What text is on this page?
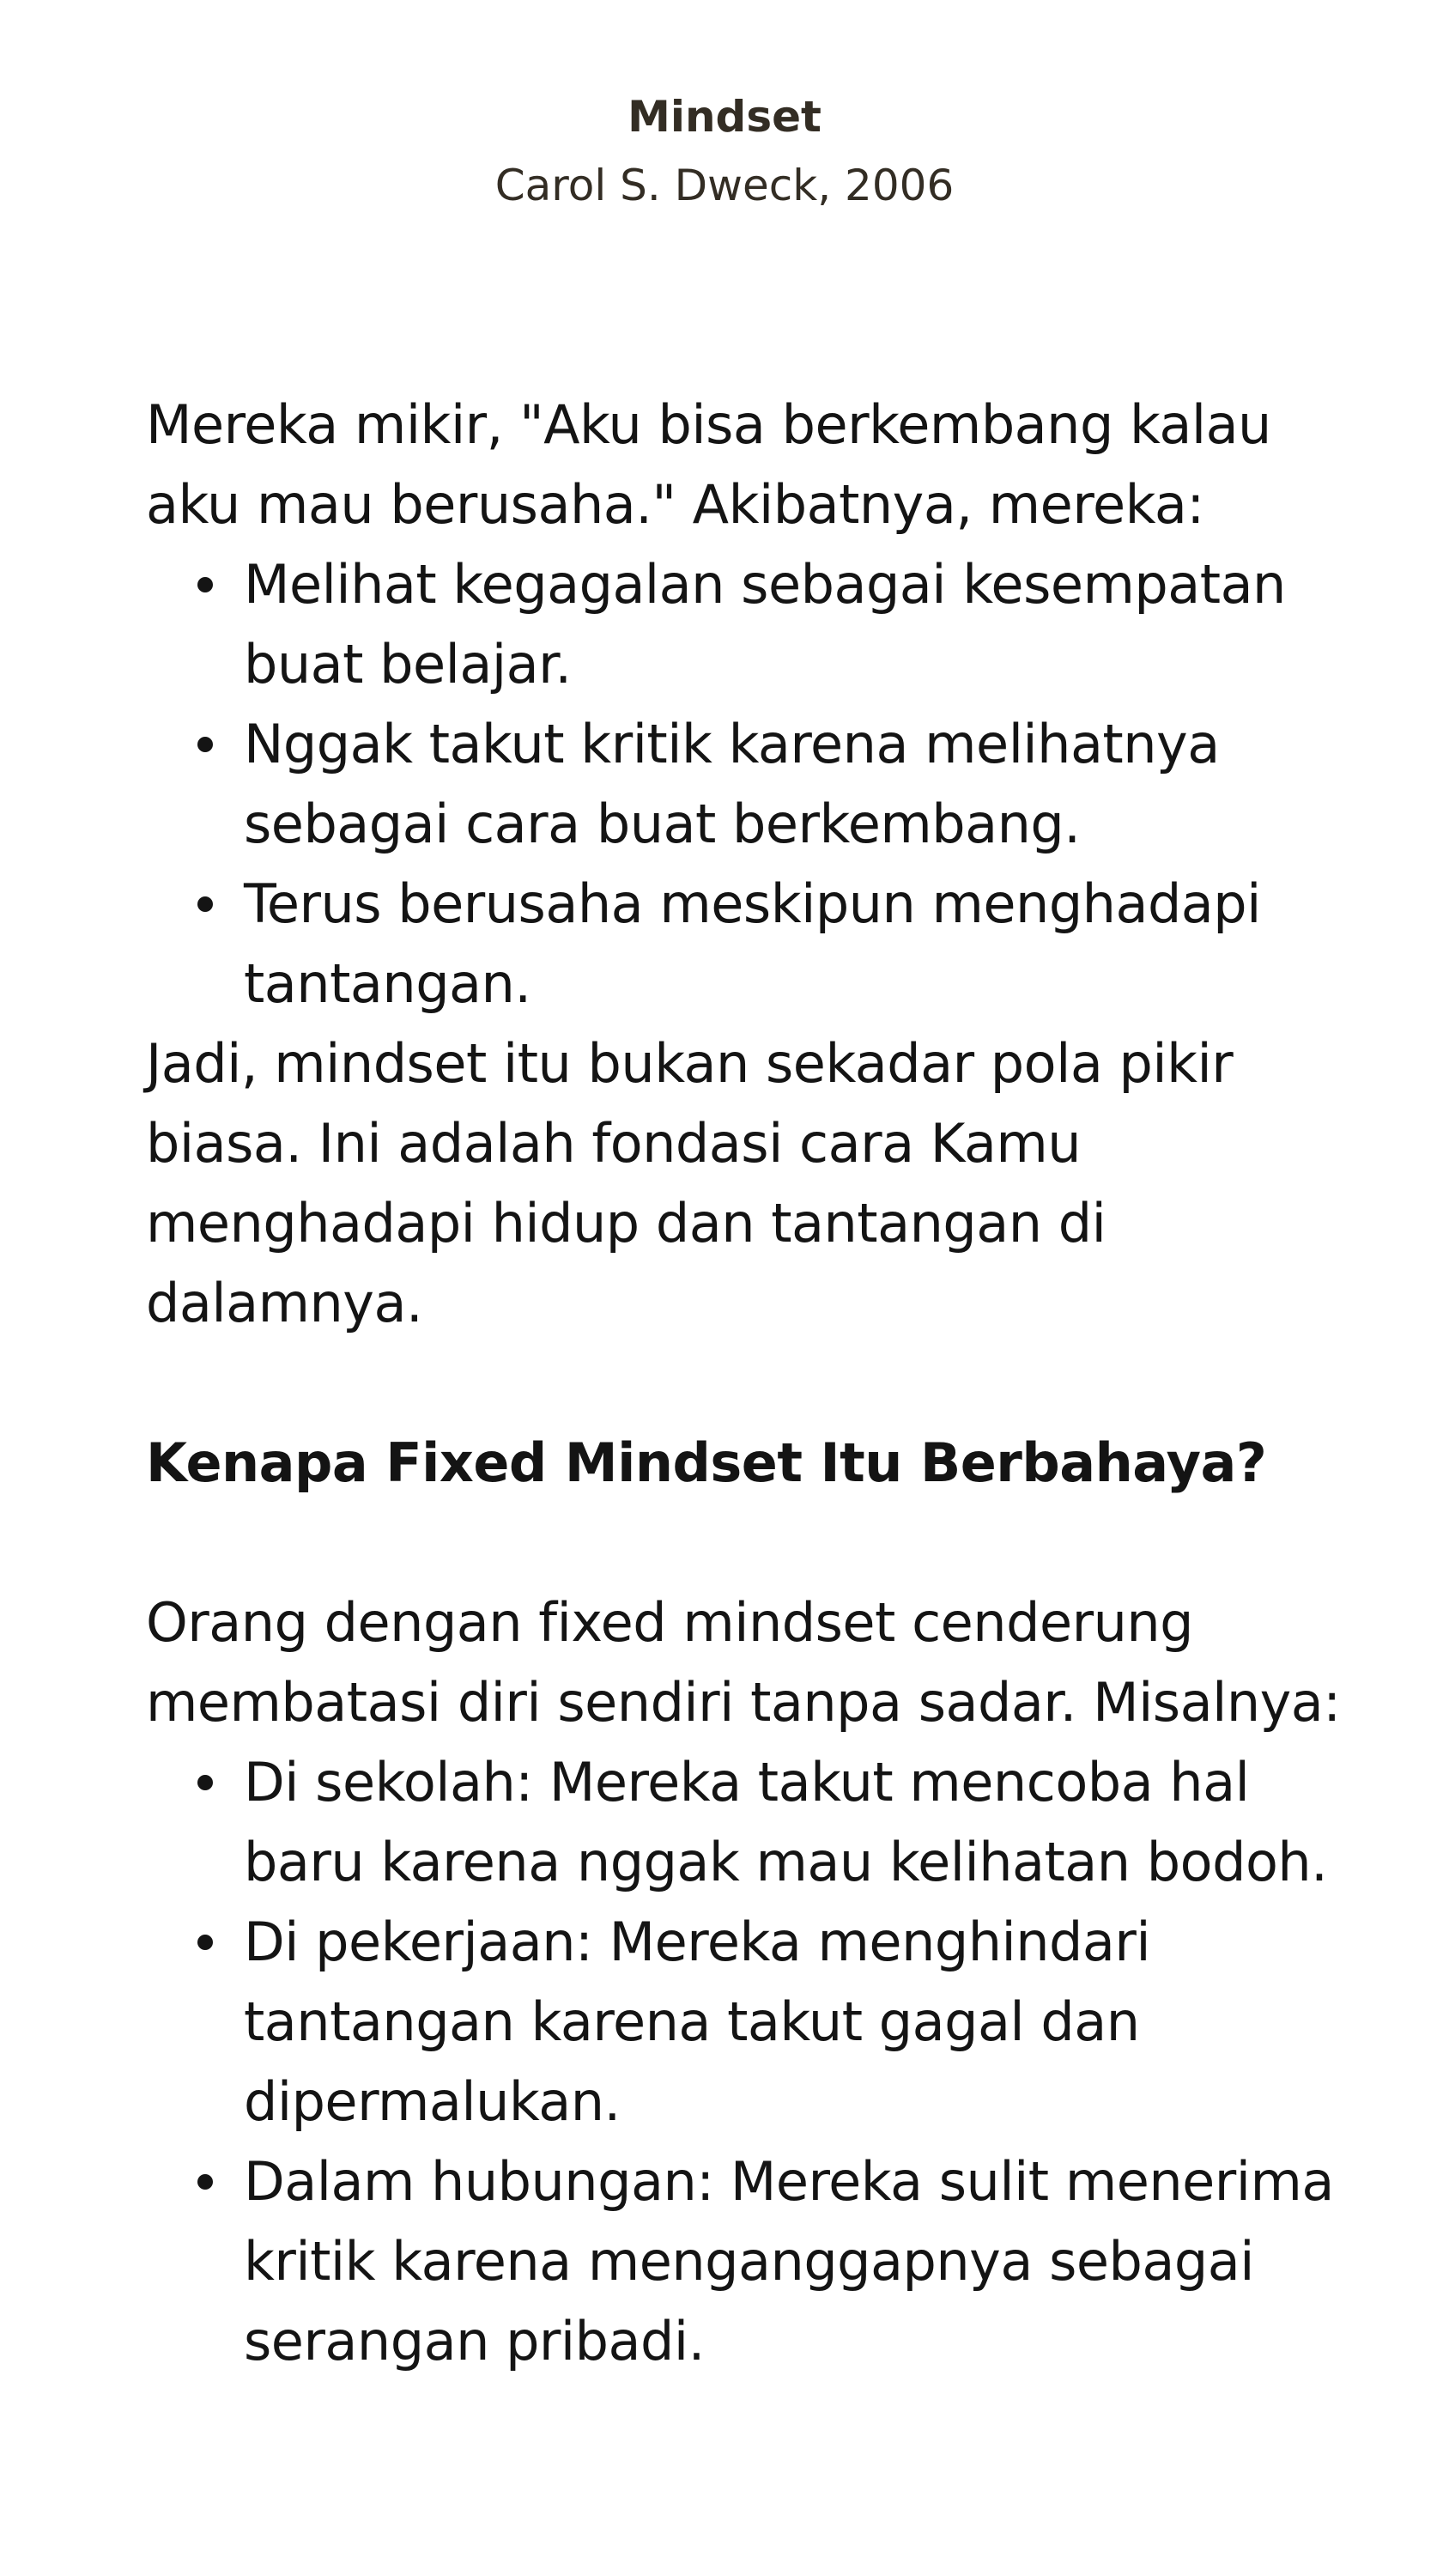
Mindset
Carol S. Dweck, 2006

Mereka mikir, "Aku bisa berkembang kalau aku mau berusaha." Akibatnya, mereka:

Melihat kegagalan sebagai kesempatan buat belajar.
Nggak takut kritik karena melihatnya sebagai cara buat berkembang.
Terus berusaha meskipun menghadapi tantangan.

Jadi, mindset itu bukan sekadar pola pikir biasa. Ini adalah fondasi cara Kamu menghadapi hidup dan tantangan di dalamnya.

Kenapa Fixed Mindset Itu Berbahaya?

Orang dengan fixed mindset cenderung membatasi diri sendiri tanpa sadar. Misalnya:

Di sekolah: Mereka takut mencoba hal baru karena nggak mau kelihatan bodoh.
Di pekerjaan: Mereka menghindari tantangan karena takut gagal dan dipermalukan.
Dalam hubungan: Mereka sulit menerima kritik karena menganggapnya sebagai serangan pribadi.
